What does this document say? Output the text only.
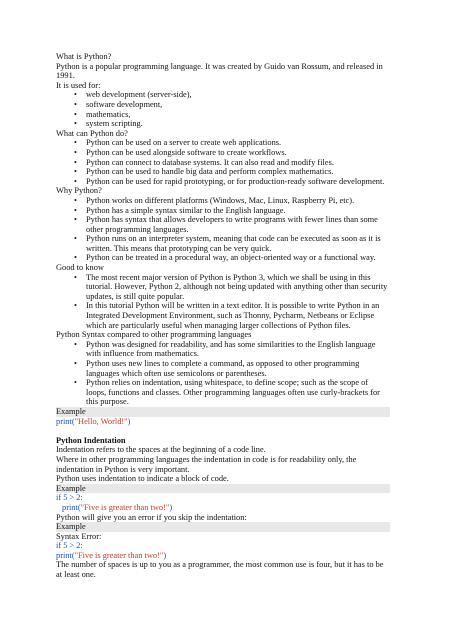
What is Python?

Python is a popular programming language. It was created by Guido van Rossum, and released in 1991.

It is used for:

• web development (server-side),
• software development,
• mathematics,
• system scripting.

What can Python do?

• Python can be used on a server to create web applications.
• Python can be used alongside software to create workflows.
• Python can connect to database systems. It can also read and modify files.
• Python can be used to handle big data and perform complex mathematics.
• Python can be used for rapid prototyping, or for production-ready software development.

Why Python?

• Python works on different platforms (Windows, Mac, Linux, Raspberry Pi, etc).
• Python has a simple syntax similar to the English language.
• Python has syntax that allows developers to write programs with fewer lines than some other programming languages.
• Python runs on an interpreter system, meaning that code can be executed as soon as it is written. This means that prototyping can be very quick.
• Python can be treated in a procedural way, an object-oriented way or a functional way.

Good to know

• The most recent major version of Python is Python 3, which we shall be using in this tutorial. However, Python 2, although not being updated with anything other than security updates, is still quite popular.
• In this tutorial Python will be written in a text editor. It is possible to write Python in an Integrated Development Environment, such as Thonny, Pycharm, Netbeans or Eclipse which are particularly useful when managing larger collections of Python files.

Python Syntax compared to other programming languages

• Python was designed for readability, and has some similarities to the English language with influence from mathematics.
• Python uses new lines to complete a command, as opposed to other programming languages which often use semicolons or parentheses.
• Python relies on indentation, using whitespace, to define scope; such as the scope of loops, functions and classes. Other programming languages often use curly-brackets for this purpose.

Example

print("Hello, World!")

Python Indentation

Indentation refers to the spaces at the beginning of a code line.

Where in other programming languages the indentation in code is for readability only, the indentation in Python is very important.

Python uses indentation to indicate a block of code.

Example

if 5 > 2:

print("Five is greater than two!")

Python will give you an error if you skip the indentation:

Example

Syntax Error:

if 5 > 2:

print("Five is greater than two!")

The number of spaces is up to you as a programmer, the most common use is four, but it has to be at least one.
